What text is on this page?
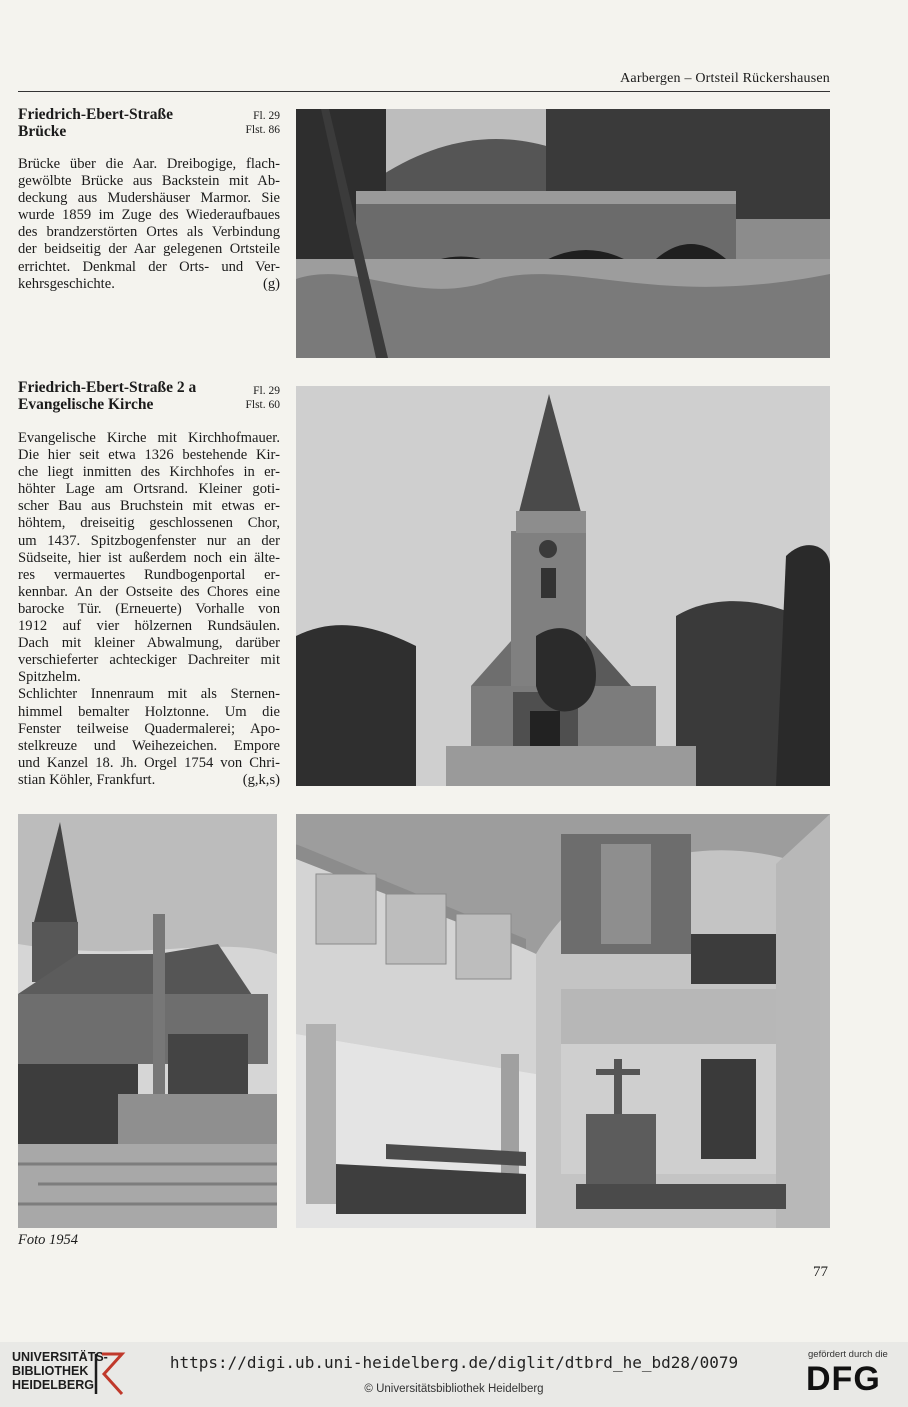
Aarbergen – Ortsteil Rückershausen
Friedrich-Ebert-Straße
Brücke
Fl. 29
Flst. 86
Brücke über die Aar. Dreibogige, flach-
gewölbte Brücke aus Backstein mit Ab-
deckung aus Mudershäuser Marmor. Sie
wurde 1859 im Zuge des Wiederaufbaues
des brandzerstörten Ortes als Verbindung
der beidseitig der Aar gelegenen Ortsteile
errichtet. Denkmal der Orts- und Ver-
kehrsgeschichte.	(g)
Friedrich-Ebert-Straße 2 a
Evangelische Kirche
Fl. 29
Flst. 60
Evangelische Kirche mit Kirchhofmauer.
Die hier seit etwa 1326 bestehende Kir-
che liegt inmitten des Kirchhofes in er-
höhter Lage am Ortsrand. Kleiner goti-
scher Bau aus Bruchstein mit etwas er-
höhtem, dreiseitig geschlossenen Chor,
um 1437. Spitzbogenfenster nur an der
Südseite, hier ist außerdem noch ein älte-
res vermauertes Rundbogenportal er-
kennbar. An der Ostseite des Chores eine
barocke Tür. (Erneuerte) Vorhalle von
1912 auf vier hölzernen Rundsäulen.
Dach mit kleiner Abwalmung, darüber
verschieferter achteckiger Dachreiter mit
Spitzhelm.
Schlichter Innenraum mit als Sternen-
himmel bemalter Holztonne. Um die
Fenster teilweise Quadermalerei; Apo-
stelkreuze und Weihezeichen. Empore
und Kanzel 18. Jh. Orgel 1754 von Chri-
stian Köhler, Frankfurt.	(g,k,s)
Foto 1954
77
UNIVERSITÄTS-
BIBLIOTHEK
HEIDELBERG
https://digi.ub.uni-heidelberg.de/diglit/dtbrd_he_bd28/0079
© Universitätsbibliothek Heidelberg
gefördert durch die
DFG
